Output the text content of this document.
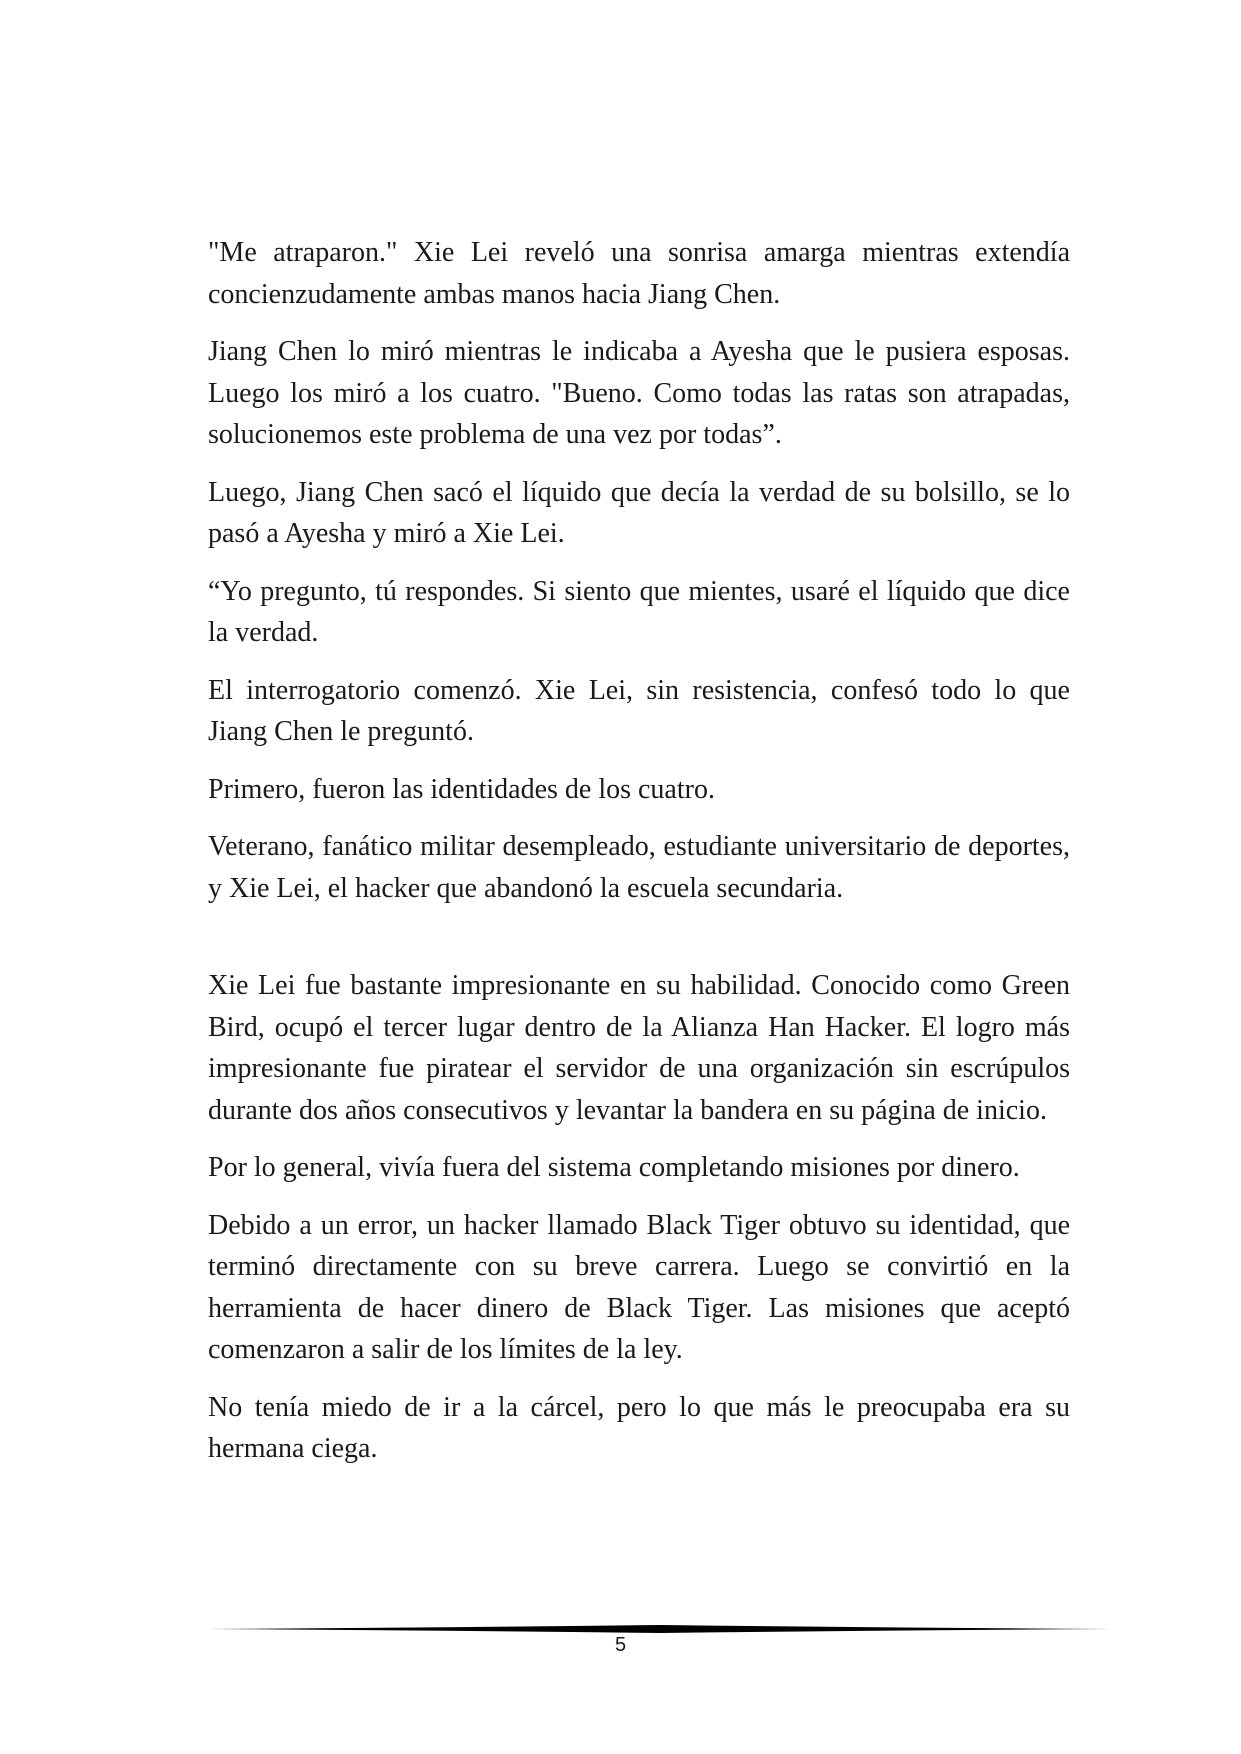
"Me atraparon." Xie Lei reveló una sonrisa amarga mientras extendía concienzudamente ambas manos hacia Jiang Chen.

Jiang Chen lo miró mientras le indicaba a Ayesha que le pusiera esposas. Luego los miró a los cuatro. "Bueno. Como todas las ratas son atrapadas, solucionemos este problema de una vez por todas”.

Luego, Jiang Chen sacó el líquido que decía la verdad de su bolsillo, se lo pasó a Ayesha y miró a Xie Lei.

“Yo pregunto, tú respondes. Si siento que mientes, usaré el líquido que dice la verdad.

El interrogatorio comenzó. Xie Lei, sin resistencia, confesó todo lo que Jiang Chen le preguntó.

Primero, fueron las identidades de los cuatro.

Veterano, fanático militar desempleado, estudiante universitario de deportes, y Xie Lei, el hacker que abandonó la escuela secundaria.

Xie Lei fue bastante impresionante en su habilidad. Conocido como Green Bird, ocupó el tercer lugar dentro de la Alianza Han Hacker. El logro más impresionante fue piratear el servidor de una organización sin escrúpulos durante dos años consecutivos y levantar la bandera en su página de inicio.

Por lo general, vivía fuera del sistema completando misiones por dinero.

Debido a un error, un hacker llamado Black Tiger obtuvo su identidad, que terminó directamente con su breve carrera. Luego se convirtió en la herramienta de hacer dinero de Black Tiger. Las misiones que aceptó comenzaron a salir de los límites de la ley.

No tenía miedo de ir a la cárcel, pero lo que más le preocupaba era su hermana ciega.

5
